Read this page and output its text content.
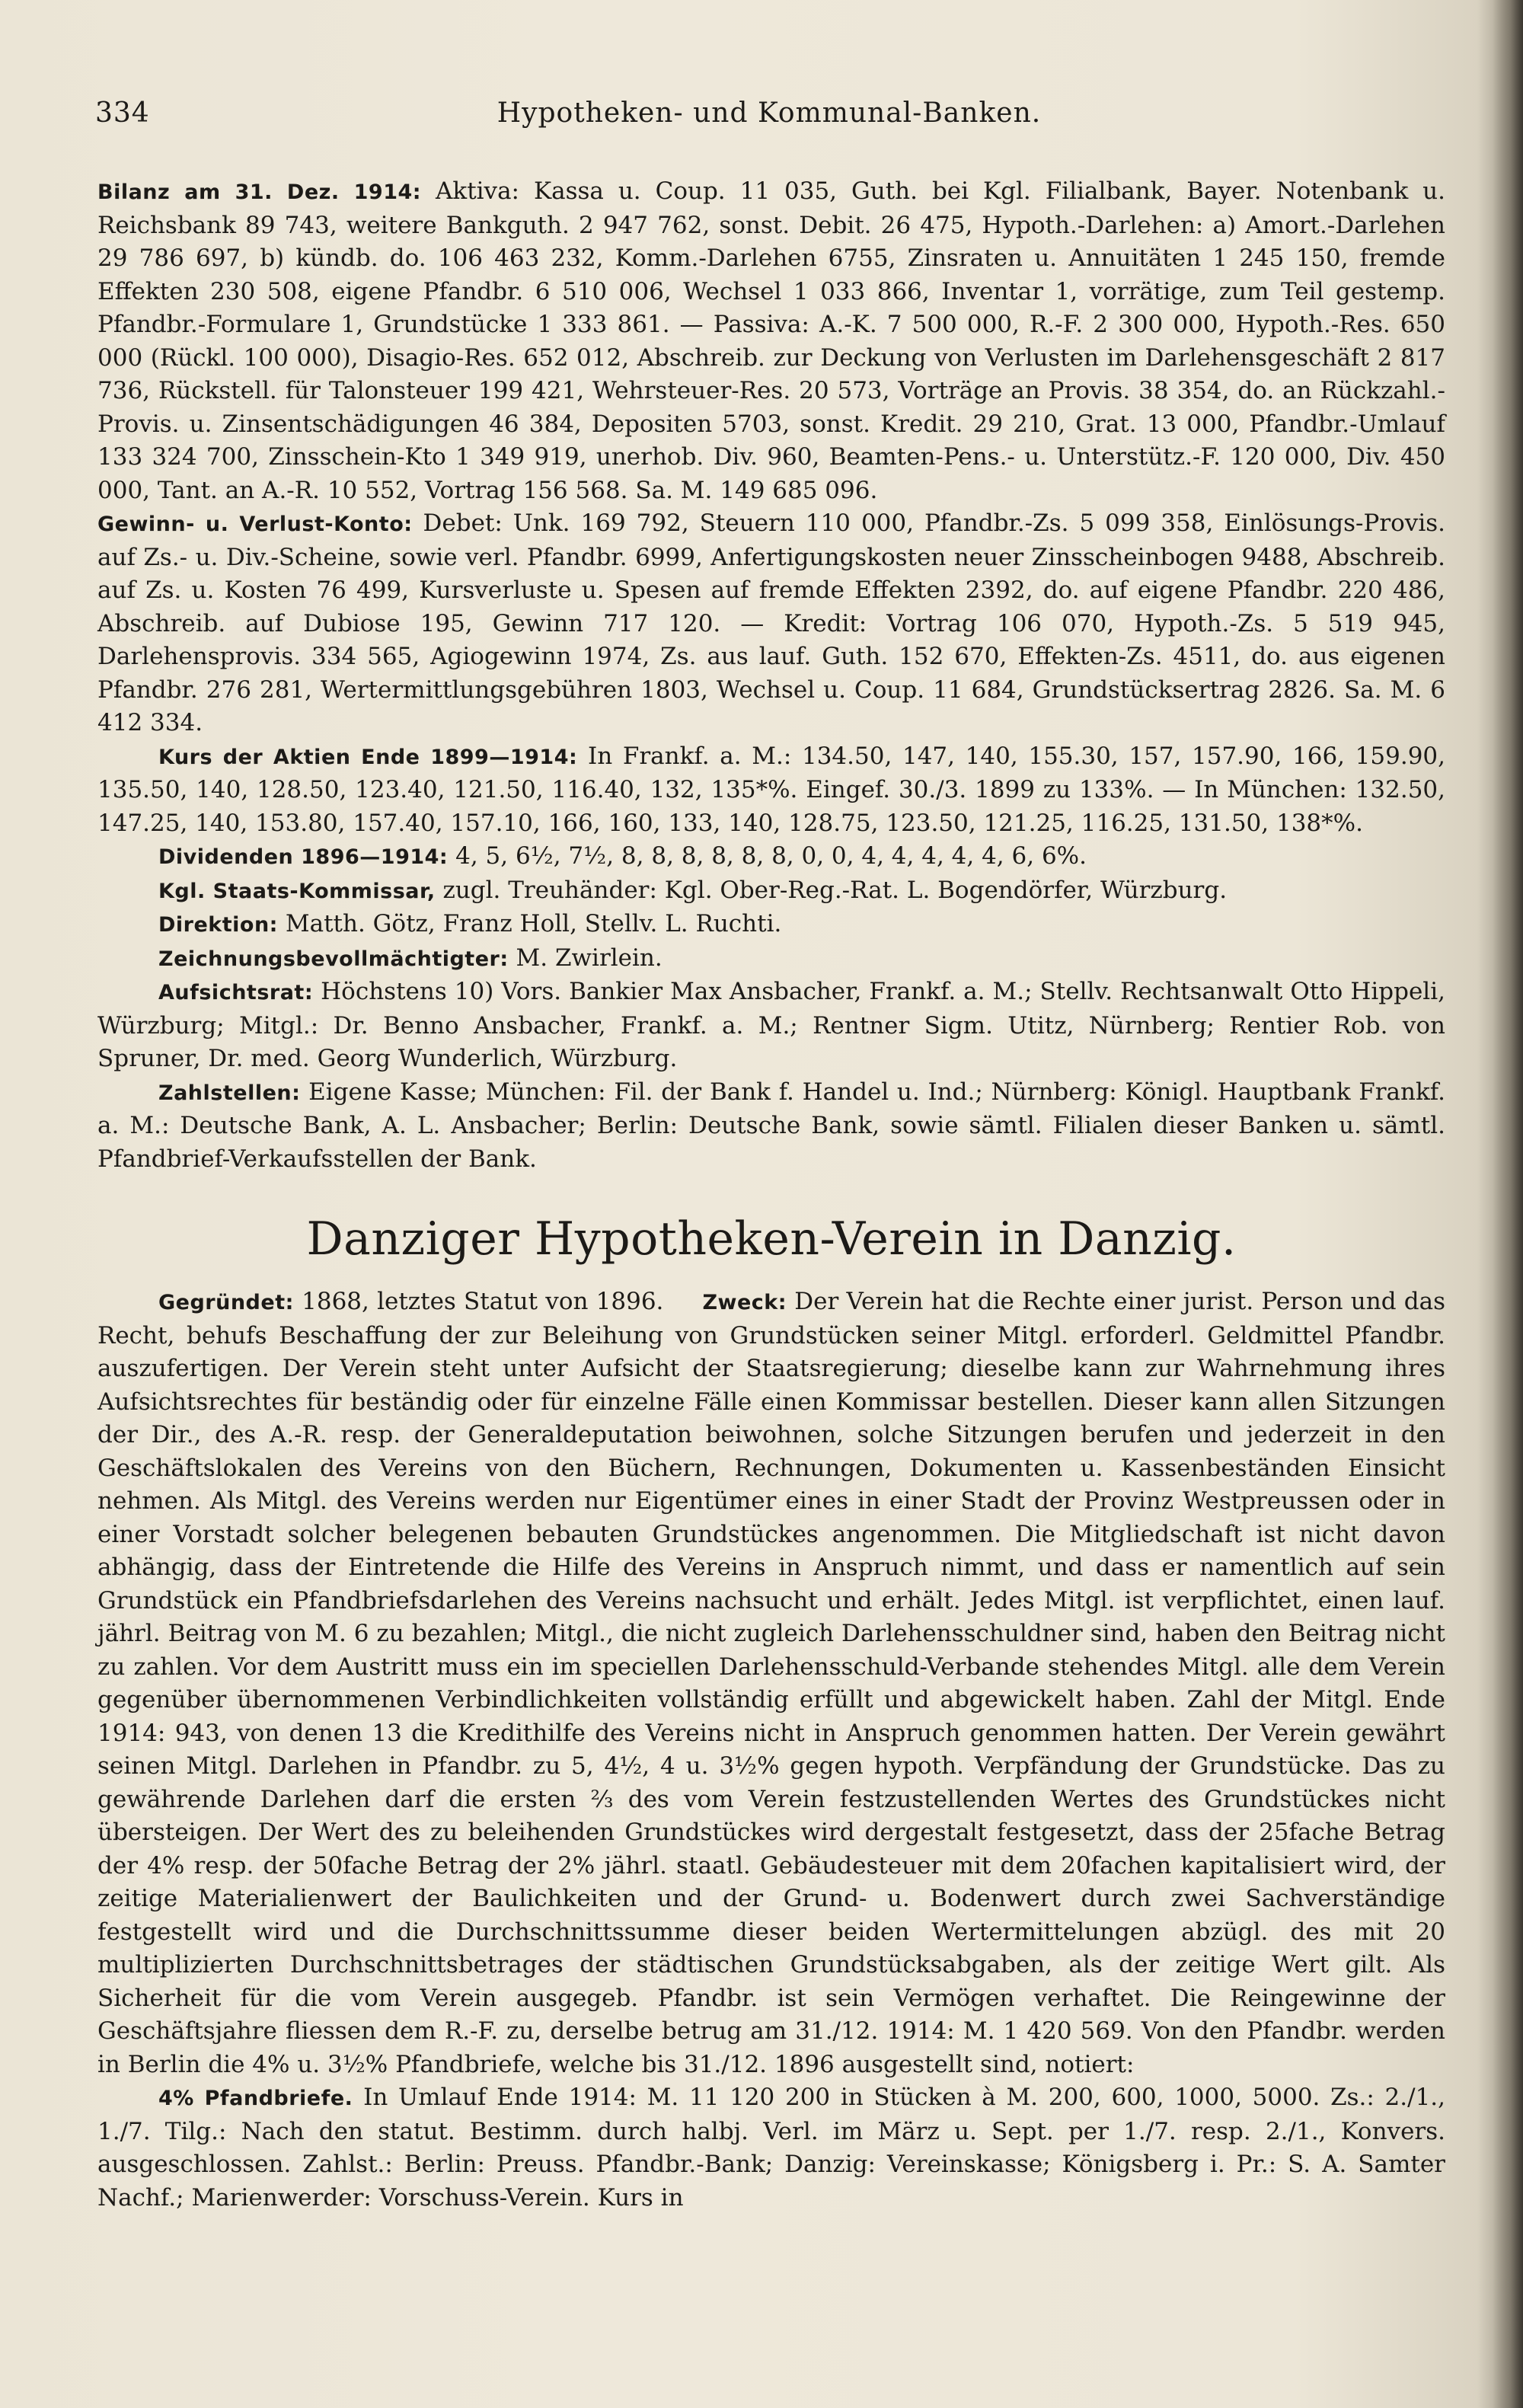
334	Hypotheken- und Kommunal-Banken.

Bilanz am 31. Dez. 1914: Aktiva: Kassa u. Coup. 11 035, Guth. bei Kgl. Filialbank, Bayer. Notenbank u. Reichsbank 89 743, weitere Bankguth. 2 947 762, sonst. Debit. 26 475, Hypoth.-Darlehen: a) Amort.-Darlehen 29 786 697, b) kündb. do. 106 463 232, Komm.-Darlehen 6755, Zinsraten u. Annuitäten 1 245 150, fremde Effekten 230 508, eigene Pfandbr. 6 510 006, Wechsel 1 033 866, Inventar 1, vorrätige, zum Teil gestemp. Pfandbr.-Formulare 1, Grundstücke 1 333 861. — Passiva: A.-K. 7 500 000, R.-F. 2 300 000, Hypoth.-Res. 650 000 (Rückl. 100 000), Disagio-Res. 652 012, Abschreib. zur Deckung von Verlusten im Darlehensgeschäft 2 817 736, Rückstell. für Talonsteuer 199 421, Wehrsteuer-Res. 20 573, Vorträge an Provis. 38 354, do. an Rückzahl.-Provis. u. Zinsentschädigungen 46 384, Depositen 5703, sonst. Kredit. 29 210, Grat. 13 000, Pfandbr.-Umlauf 133 324 700, Zinsschein-Kto 1 349 919, unerhob. Div. 960, Beamten-Pens.- u. Unterstütz.-F. 120 000, Div. 450 000, Tant. an A.-R. 10 552, Vortrag 156 568. Sa. M. 149 685 096.

Gewinn- u. Verlust-Konto: Debet: Unk. 169 792, Steuern 110 000, Pfandbr.-Zs. 5 099 358, Einlösungs-Provis. auf Zs.- u. Div.-Scheine, sowie verl. Pfandbr. 6999, Anfertigungskosten neuer Zinsscheinbogen 9488, Abschreib. auf Zs. u. Kosten 76 499, Kursverluste u. Spesen auf fremde Effekten 2392, do. auf eigene Pfandbr. 220 486, Abschreib. auf Dubiose 195, Gewinn 717 120. — Kredit: Vortrag 106 070, Hypoth.-Zs. 5 519 945, Darlehensprovis. 334 565, Agiogewinn 1974, Zs. aus lauf. Guth. 152 670, Effekten-Zs. 4511, do. aus eigenen Pfandbr. 276 281, Wertermittlungsgebühren 1803, Wechsel u. Coup. 11 684, Grundstücksertrag 2826. Sa. M. 6 412 334.

Kurs der Aktien Ende 1899—1914: In Frankf. a. M.: 134.50, 147, 140, 155.30, 157, 157.90, 166, 159.90, 135.50, 140, 128.50, 123.40, 121.50, 116.40, 132, 135*%. Eingef. 30./3. 1899 zu 133%. — In München: 132.50, 147.25, 140, 153.80, 157.40, 157.10, 166, 160, 133, 140, 128.75, 123.50, 121.25, 116.25, 131.50, 138*%.

Dividenden 1896—1914: 4, 5, 6½, 7½, 8, 8, 8, 8, 8, 8, 0, 0, 4, 4, 4, 4, 4, 6, 6%.

Kgl. Staats-Kommissar, zugl. Treuhänder: Kgl. Ober-Reg.-Rat. L. Bogendörfer, Würzburg.

Direktion: Matth. Götz, Franz Holl, Stellv. L. Ruchti.

Zeichnungsbevollmächtigter: M. Zwirlein.

Aufsichtsrat: Höchstens 10) Vors. Bankier Max Ansbacher, Frankf. a. M.; Stellv. Rechtsanwalt Otto Hippeli, Würzburg; Mitgl.: Dr. Benno Ansbacher, Frankf. a. M.; Rentner Sigm. Utitz, Nürnberg; Rentier Rob. von Spruner, Dr. med. Georg Wunderlich, Würzburg.

Zahlstellen: Eigene Kasse; München: Fil. der Bank f. Handel u. Ind.; Nürnberg: Königl. Hauptbank Frankf. a. M.: Deutsche Bank, A. L. Ansbacher; Berlin: Deutsche Bank, sowie sämtl. Filialen dieser Banken u. sämtl. Pfandbrief-Verkaufsstellen der Bank.

Danziger Hypotheken-Verein in Danzig.

Gegründet: 1868, letztes Statut von 1896. Zweck: Der Verein hat die Rechte einer jurist. Person und das Recht, behufs Beschaffung der zur Beleihung von Grundstücken seiner Mitgl. erforderl. Geldmittel Pfandbr. auszufertigen. Der Verein steht unter Aufsicht der Staatsregierung; dieselbe kann zur Wahrnehmung ihres Aufsichtsrechtes für beständig oder für einzelne Fälle einen Kommissar bestellen. Dieser kann allen Sitzungen der Dir., des A.-R. resp. der Generaldeputation beiwohnen, solche Sitzungen berufen und jederzeit in den Geschäftslokalen des Vereins von den Büchern, Rechnungen, Dokumenten u. Kassenbeständen Einsicht nehmen. Als Mitgl. des Vereins werden nur Eigentümer eines in einer Stadt der Provinz Westpreussen oder in einer Vorstadt solcher belegenen bebauten Grundstückes angenommen. Die Mitgliedschaft ist nicht davon abhängig, dass der Eintretende die Hilfe des Vereins in Anspruch nimmt, und dass er namentlich auf sein Grundstück ein Pfandbriefsdarlehen des Vereins nachsucht und erhält. Jedes Mitgl. ist verpflichtet, einen lauf. jährl. Beitrag von M. 6 zu bezahlen; Mitgl., die nicht zugleich Darlehensschuldner sind, haben den Beitrag nicht zu zahlen. Vor dem Austritt muss ein im speciellen Darlehensschuld-Verbande stehendes Mitgl. alle dem Verein gegenüber übernommenen Verbindlichkeiten vollständig erfüllt und abgewickelt haben. Zahl der Mitgl. Ende 1914: 943, von denen 13 die Kredithilfe des Vereins nicht in Anspruch genommen hatten. Der Verein gewährt seinen Mitgl. Darlehen in Pfandbr. zu 5, 4½, 4 u. 3½% gegen hypoth. Verpfändung der Grundstücke. Das zu gewährende Darlehen darf die ersten ⅔ des vom Verein festzustellenden Wertes des Grundstückes nicht übersteigen. Der Wert des zu beleihenden Grundstückes wird dergestalt festgesetzt, dass der 25fache Betrag der 4% resp. der 50fache Betrag der 2% jährl. staatl. Gebäudesteuer mit dem 20fachen kapitalisiert wird, der zeitige Materialienwert der Baulichkeiten und der Grund- u. Bodenwert durch zwei Sachverständige festgestellt wird und die Durchschnittssumme dieser beiden Wertermittelungen abzügl. des mit 20 multiplizierten Durchschnittsbetrages der städtischen Grundstücksabgaben, als der zeitige Wert gilt. Als Sicherheit für die vom Verein ausgegeb. Pfandbr. ist sein Vermögen verhaftet. Die Reingewinne der Geschäftsjahre fliessen dem R.-F. zu, derselbe betrug am 31./12. 1914: M. 1 420 569. Von den Pfandbr. werden in Berlin die 4% u. 3½% Pfandbriefe, welche bis 31./12. 1896 ausgestellt sind, notiert:

4% Pfandbriefe. In Umlauf Ende 1914: M. 11 120 200 in Stücken à M. 200, 600, 1000, 5000. Zs.: 2./1., 1./7. Tilg.: Nach den statut. Bestimm. durch halbj. Verl. im März u. Sept. per 1./7. resp. 2./1., Konvers. ausgeschlossen. Zahlst.: Berlin: Preuss. Pfandbr.-Bank; Danzig: Vereinskasse; Königsberg i. Pr.: S. A. Samter Nachf.; Marienwerder: Vorschuss-Verein. Kurs in
